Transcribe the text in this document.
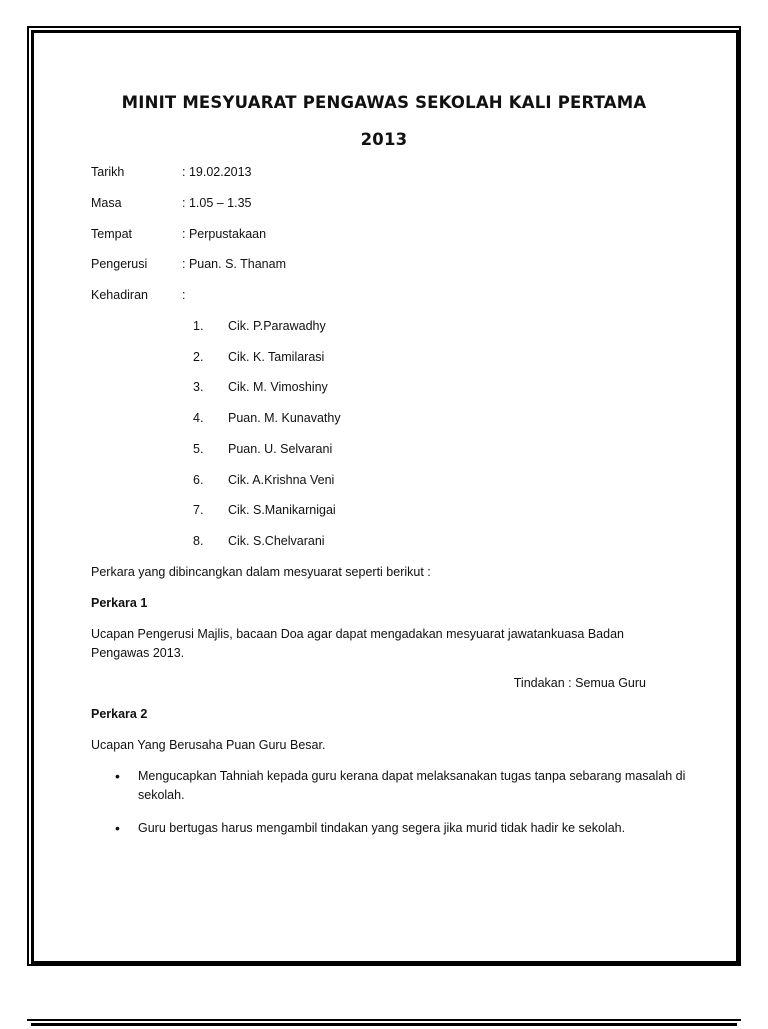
MINIT MESYUARAT PENGAWAS SEKOLAH KALI PERTAMA
2013
Tarikh	: 19.02.2013
Masa	: 1.05 – 1.35
Tempat	: Perpustakaan
Pengerusi	: Puan. S. Thanam
Kehadiran	:
1. Cik. P.Parawadhy
2. Cik. K. Tamilarasi
3. Cik. M. Vimoshiny
4. Puan. M. Kunavathy
5. Puan. U. Selvarani
6. Cik. A.Krishna Veni
7. Cik. S.Manikarnigai
8. Cik. S.Chelvarani
Perkara yang dibincangkan dalam mesyuarat seperti berikut :
Perkara 1
Ucapan Pengerusi Majlis, bacaan Doa agar dapat mengadakan mesyuarat jawatankuasa Badan Pengawas 2013.
Tindakan : Semua Guru
Perkara 2
Ucapan Yang Berusaha Puan Guru Besar.
• Mengucapkan Tahniah kepada guru kerana dapat melaksanakan tugas tanpa sebarang masalah di sekolah.
• Guru bertugas harus mengambil tindakan yang segera jika murid tidak hadir ke sekolah.
